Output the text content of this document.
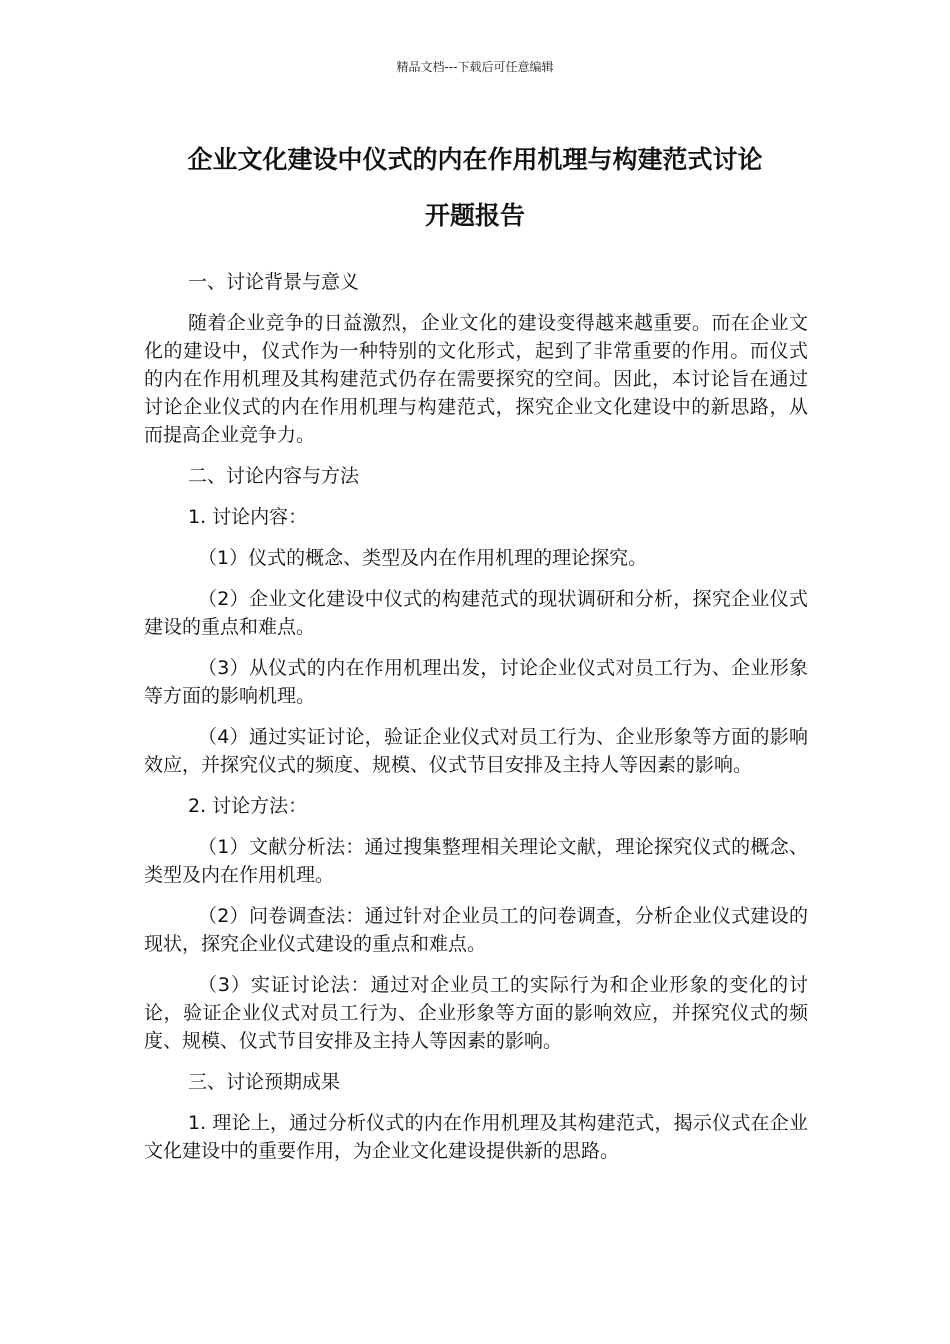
精品文档---下载后可任意编辑
企业文化建设中仪式的内在作用机理与构建范式讨论
开题报告

一、讨论背景与意义

随着企业竞争的日益激烈，企业文化的建设变得越来越重要。而在企业文化的建设中，仪式作为一种特别的文化形式，起到了非常重要的作用。而仪式的内在作用机理及其构建范式仍存在需要探究的空间。因此，本讨论旨在通过讨论企业仪式的内在作用机理与构建范式，探究企业文化建设中的新思路，从而提高企业竞争力。

二、讨论内容与方法

1. 讨论内容：

（1）仪式的概念、类型及内在作用机理的理论探究。

（2）企业文化建设中仪式的构建范式的现状调研和分析，探究企业仪式建设的重点和难点。

（3）从仪式的内在作用机理出发，讨论企业仪式对员工行为、企业形象等方面的影响机理。

（4）通过实证讨论，验证企业仪式对员工行为、企业形象等方面的影响效应，并探究仪式的频度、规模、仪式节目安排及主持人等因素的影响。

2. 讨论方法：

（1）文献分析法：通过搜集整理相关理论文献，理论探究仪式的概念、类型及内在作用机理。

（2）问卷调查法：通过针对企业员工的问卷调查，分析企业仪式建设的现状，探究企业仪式建设的重点和难点。

（3）实证讨论法：通过对企业员工的实际行为和企业形象的变化的讨论，验证企业仪式对员工行为、企业形象等方面的影响效应，并探究仪式的频度、规模、仪式节目安排及主持人等因素的影响。

三、讨论预期成果

1. 理论上，通过分析仪式的内在作用机理及其构建范式，揭示仪式在企业文化建设中的重要作用，为企业文化建设提供新的思路。
